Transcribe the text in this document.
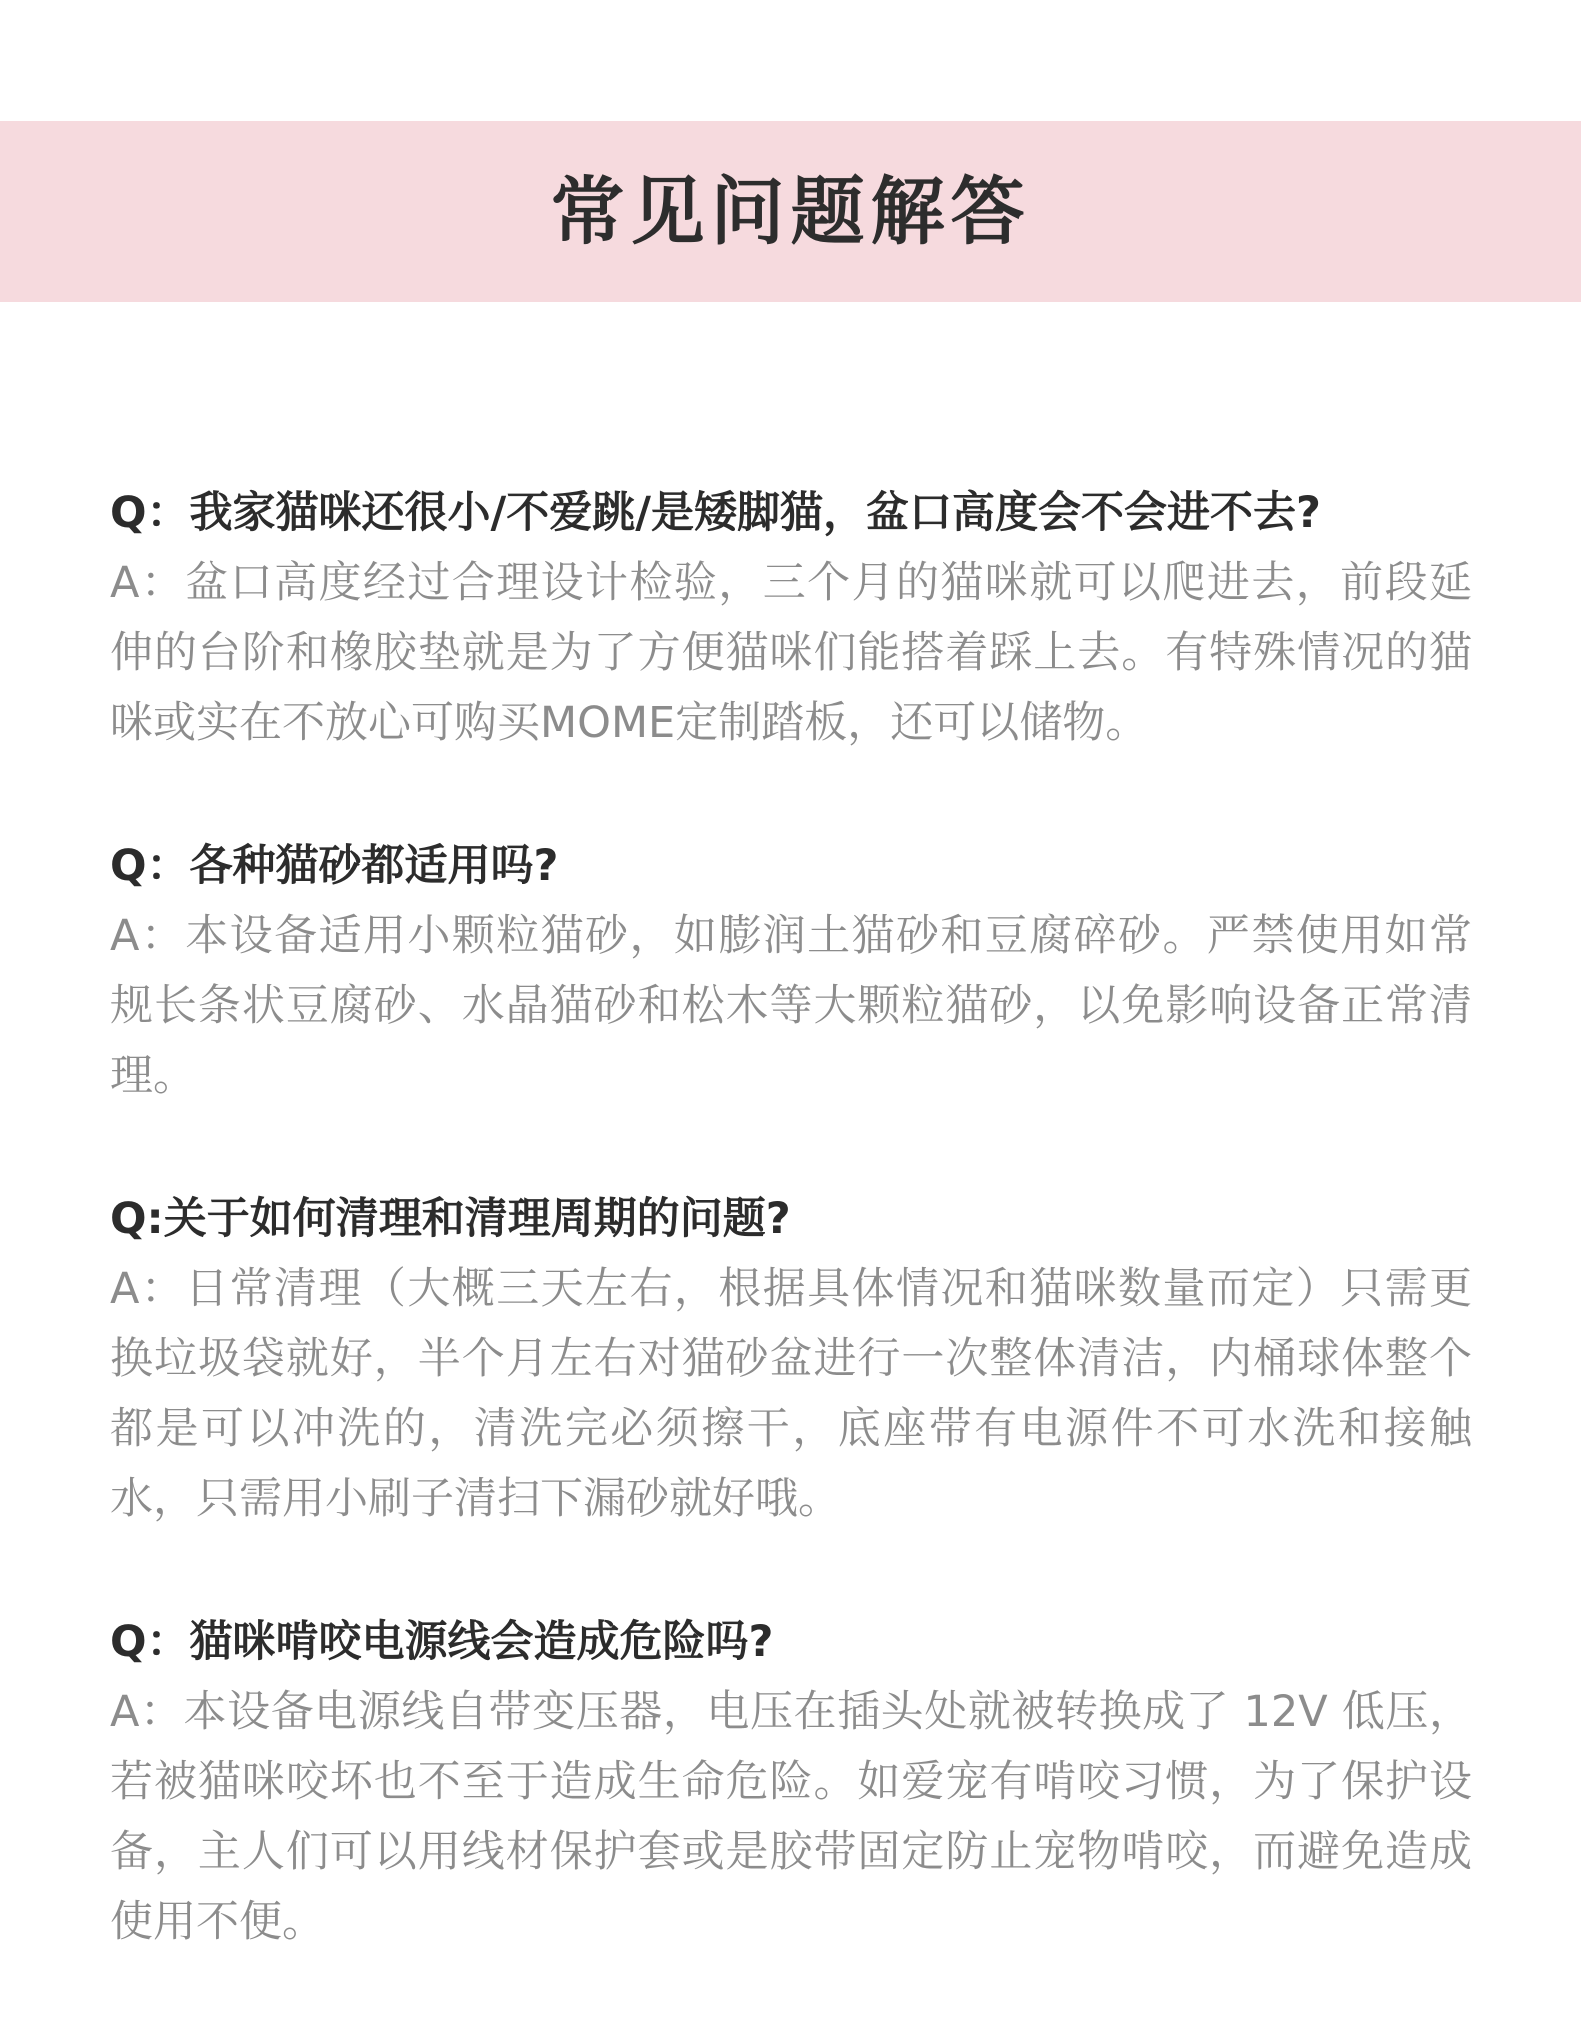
常见问题解答

Q：我家猫咪还很小/不爱跳/是矮脚猫，盆口高度会不会进不去?

A：盆口高度经过合理设计检验，三个月的猫咪就可以爬进去，前段延伸的台阶和橡胶垫就是为了方便猫咪们能搭着踩上去。有特殊情况的猫咪或实在不放心可购买MOME定制踏板，还可以储物。

Q：各种猫砂都适用吗?

A：本设备适用小颗粒猫砂，如膨润土猫砂和豆腐碎砂。严禁使用如常规长条状豆腐砂、水晶猫砂和松木等大颗粒猫砂，以免影响设备正常清理。

Q:关于如何清理和清理周期的问题?

A：日常清理（大概三天左右，根据具体情况和猫咪数量而定）只需更换垃圾袋就好，半个月左右对猫砂盆进行一次整体清洁，内桶球体整个都是可以冲洗的，清洗完必须擦干，底座带有电源件不可水洗和接触水，只需用小刷子清扫下漏砂就好哦。

Q：猫咪啃咬电源线会造成危险吗?

A：本设备电源线自带变压器，电压在插头处就被转换成了 12V 低压，若被猫咪咬坏也不至于造成生命危险。如爱宠有啃咬习惯，为了保护设备，主人们可以用线材保护套或是胶带固定防止宠物啃咬，而避免造成使用不便。
